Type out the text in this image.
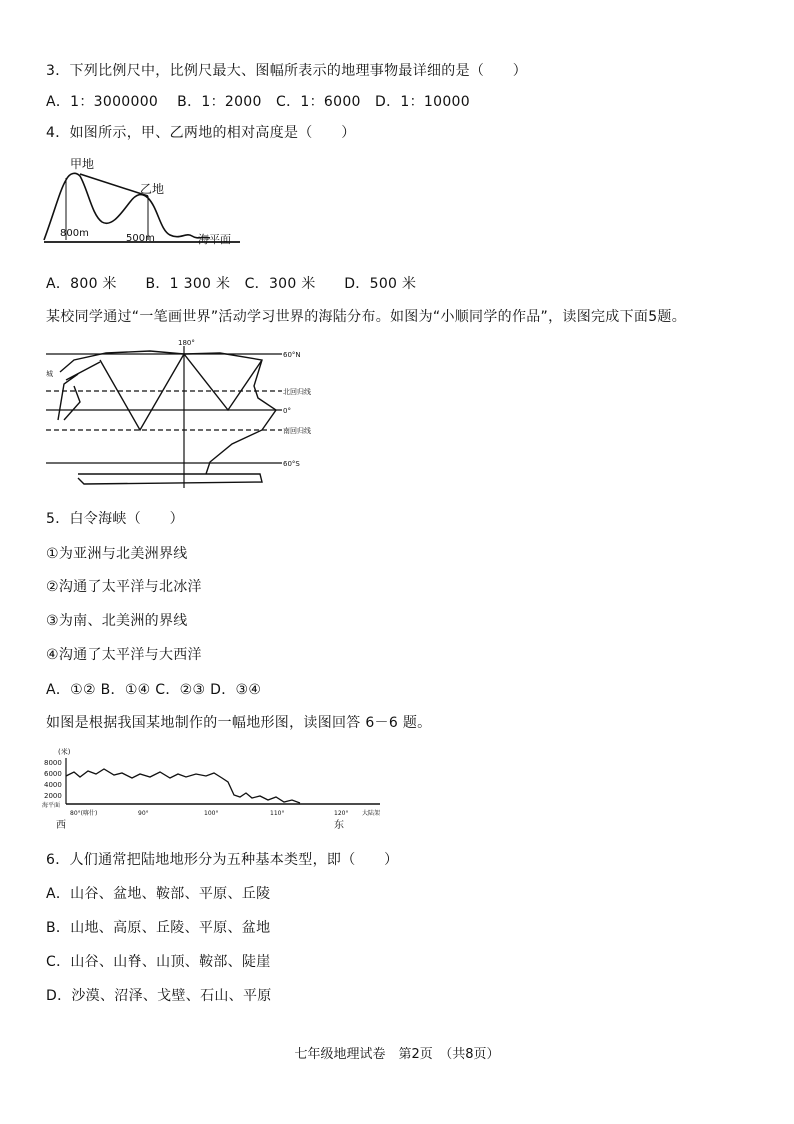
3．下列比例尺中，比例尺最大、图幅所表示的地理事物最详细的是（　　）
A．1：3000000　 B．1：2000　C．1：6000　D．1：10000
4．如图所示，甲、乙两地的相对高度是（　　）
甲地
乙地
800m	500m	海平面
A．800 米　　B．1 300 米　C．300 米　　D．500 米
某校同学通过“一笔画世界”活动学习世界的海陆分布。如图为“小顺同学的作品”，读图完成下面5题。
180°
60°N
北回归线
0°
南回归线
60°S
城
5．白令海峡（　　）
①为亚洲与北美洲界线
②沟通了太平洋与北冰洋
③为南、北美洲的界线
④沟通了太平洋与大西洋
A．①② B．①④ C．②③ D．③④
如图是根据我国某地制作的一幅地形图，读图回答 6－6 题。
(米)
8000
6000
4000
2000
海平面
80°(喀什)	90°	100°	110°	120° 大陆架
西	东
6．人们通常把陆地地形分为五种基本类型，即（　　）
A．山谷、盆地、鞍部、平原、丘陵
B．山地、高原、丘陵、平原、盆地
C．山谷、山脊、山顶、鞍部、陡崖
D．沙漠、沼泽、戈壁、石山、平原
七年级地理试卷　第2页　（共8页）
